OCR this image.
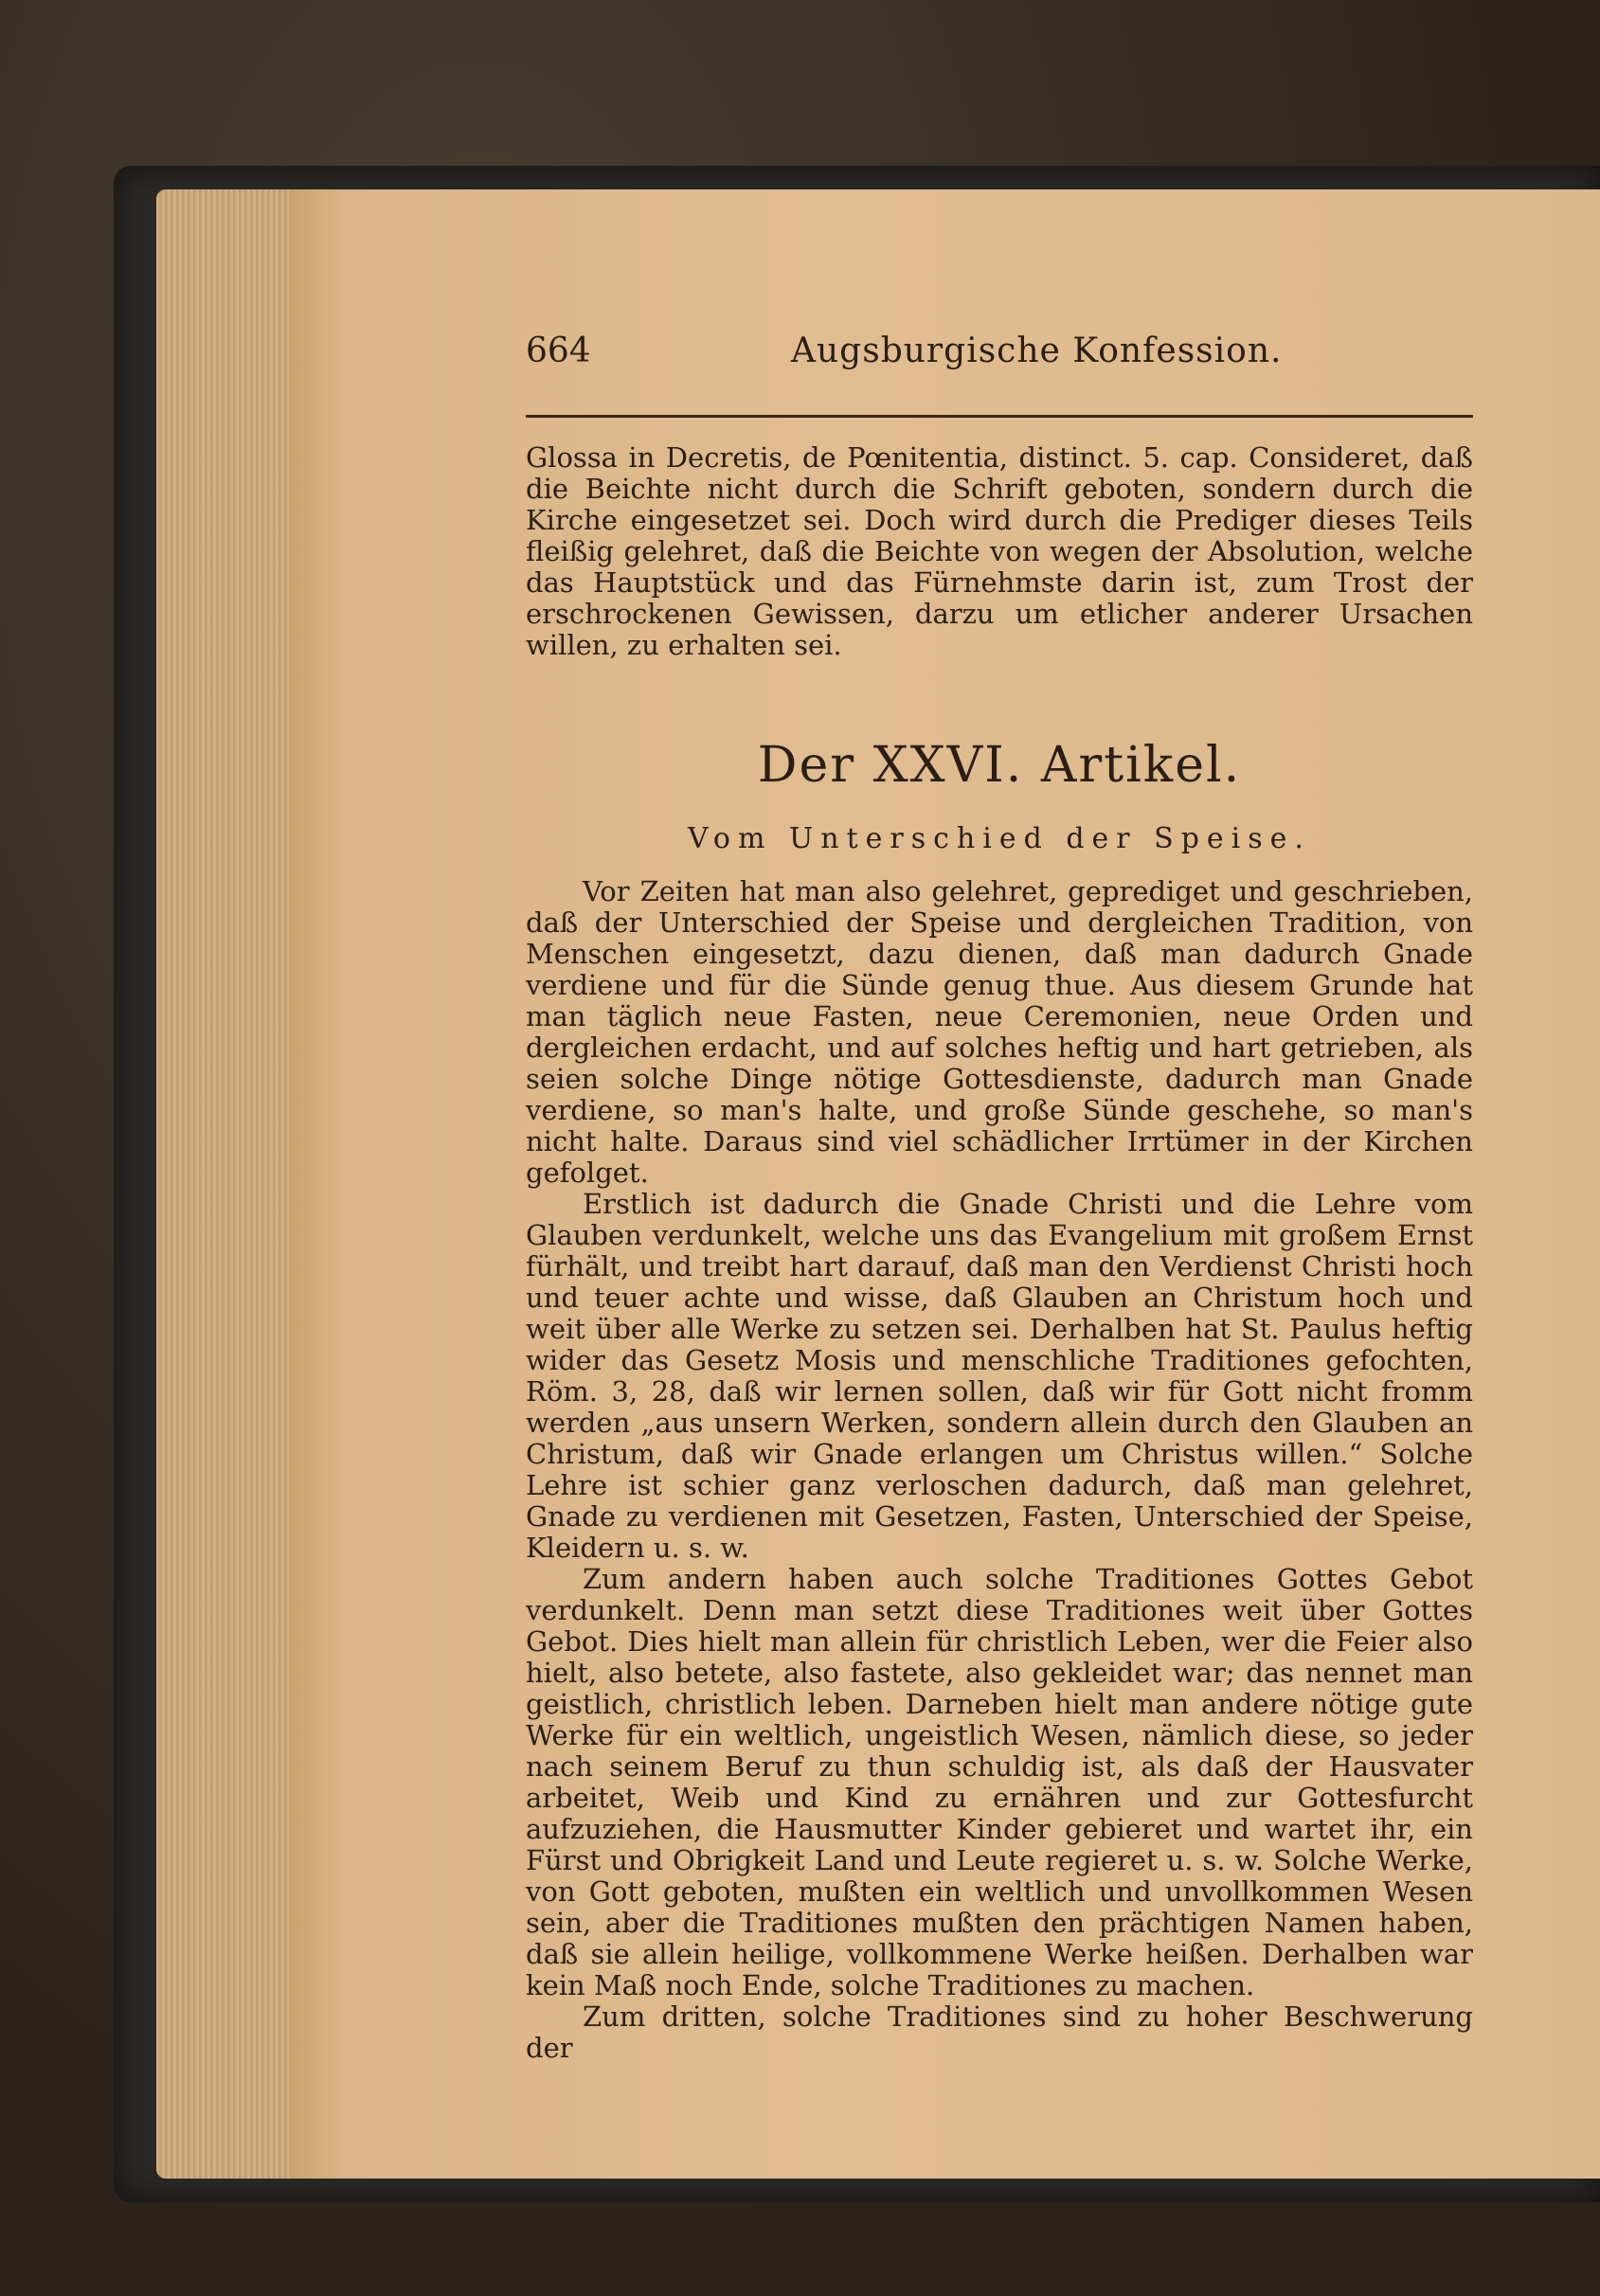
664	Augsburgische Konfession.

Glossa in Decretis, de Pœnitentia, distinct. 5. cap. Consideret, daß die Beichte nicht durch die Schrift geboten, sondern durch die Kirche eingesetzet sei. Doch wird durch die Prediger dieses Teils fleißig gelehret, daß die Beichte von wegen der Absolution, welche das Hauptstück und das Fürnehmste darin ist, zum Trost der erschrockenen Gewissen, darzu um etlicher anderer Ursachen willen, zu erhalten sei.

Der XXVI. Artikel.
Vom Unterschied der Speise.

Vor Zeiten hat man also gelehret, geprediget und geschrieben, daß der Unterschied der Speise und dergleichen Tradition, von Menschen eingesetzt, dazu dienen, daß man dadurch Gnade verdiene und für die Sünde genug thue. Aus diesem Grunde hat man täglich neue Fasten, neue Ceremonien, neue Orden und dergleichen erdacht, und auf solches heftig und hart getrieben, als seien solche Dinge nötige Gottesdienste, dadurch man Gnade verdiene, so man's halte, und große Sünde geschehe, so man's nicht halte. Daraus sind viel schädlicher Irrtümer in der Kirchen gefolget.

Erstlich ist dadurch die Gnade Christi und die Lehre vom Glauben verdunkelt, welche uns das Evangelium mit großem Ernst fürhält, und treibt hart darauf, daß man den Verdienst Christi hoch und teuer achte und wisse, daß Glauben an Christum hoch und weit über alle Werke zu setzen sei. Derhalben hat St. Paulus heftig wider das Gesetz Mosis und menschliche Traditiones gefochten, Röm. 3, 28, daß wir lernen sollen, daß wir für Gott nicht fromm werden „aus unsern Werken, sondern allein durch den Glauben an Christum, daß wir Gnade erlangen um Christus willen.“ Solche Lehre ist schier ganz verloschen dadurch, daß man gelehret, Gnade zu verdienen mit Gesetzen, Fasten, Unterschied der Speise, Kleidern u. s. w.

Zum andern haben auch solche Traditiones Gottes Gebot verdunkelt. Denn man setzt diese Traditiones weit über Gottes Gebot. Dies hielt man allein für christlich Leben, wer die Feier also hielt, also betete, also fastete, also gekleidet war; das nennet man geistlich, christlich leben. Darneben hielt man andere nötige gute Werke für ein weltlich, ungeistlich Wesen, nämlich diese, so jeder nach seinem Beruf zu thun schuldig ist, als daß der Hausvater arbeitet, Weib und Kind zu ernähren und zur Gottesfurcht aufzuziehen, die Hausmutter Kinder gebieret und wartet ihr, ein Fürst und Obrigkeit Land und Leute regieret u. s. w. Solche Werke, von Gott geboten, mußten ein weltlich und unvollkommen Wesen sein, aber die Traditiones mußten den prächtigen Namen haben, daß sie allein heilige, vollkommene Werke heißen. Derhalben war kein Maß noch Ende, solche Traditiones zu machen.

Zum dritten, solche Traditiones sind zu hoher Beschwerung der
